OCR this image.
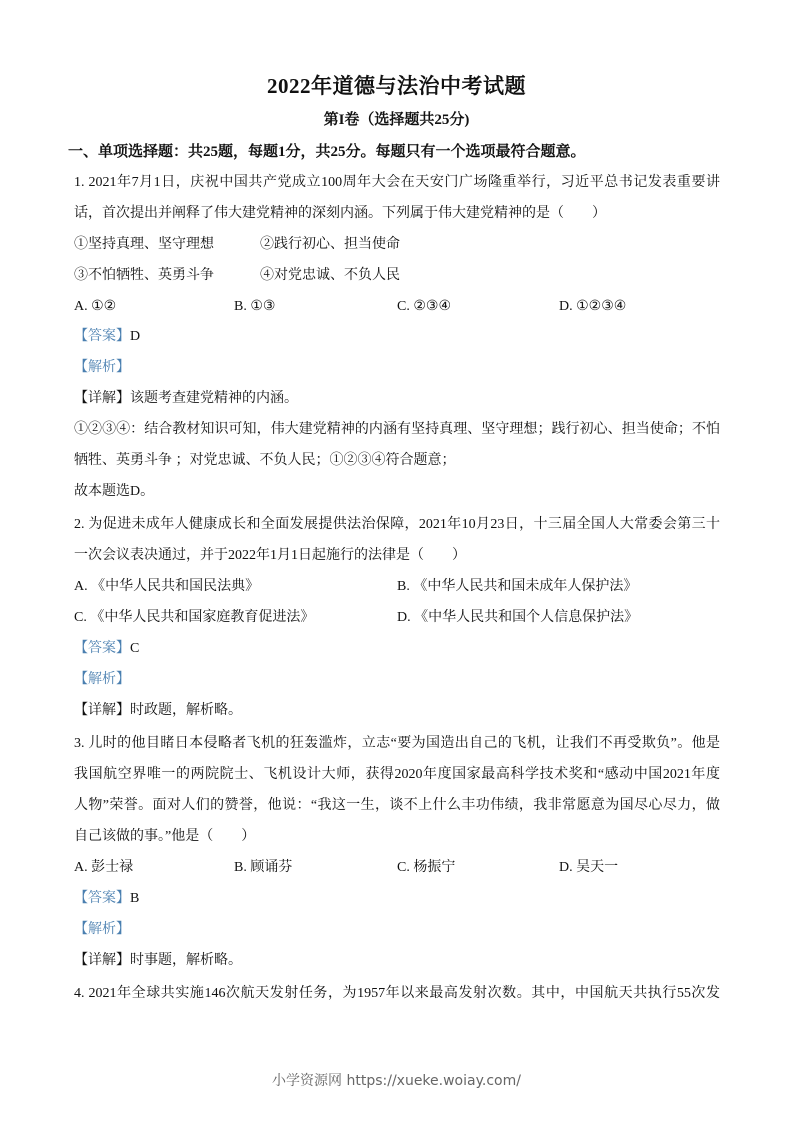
2022年道德与法治中考试题
第I卷（选择题共25分)
一、单项选择题：共25题，每题1分，共25分。每题只有一个选项最符合题意。
1. 2021年7月1日，庆祝中国共产党成立100周年大会在天安门广场隆重举行，习近平总书记发表重要讲
话，首次提出并阐释了伟大建党精神的深刻内涵。下列属于伟大建党精神的是（　　）
①坚持真理、坚守理想	②践行初心、担当使命
③不怕牺牲、英勇斗争	④对党忠诚、不负人民
A. ①②	B. ①③	C. ②③④	D. ①②③④
【答案】D
【解析】
【详解】该题考查建党精神的内涵。
①②③④：结合教材知识可知，伟大建党精神的内涵有坚持真理、坚守理想；践行初心、担当使命；不怕
牺牲、英勇斗争 ；对党忠诚、不负人民；①②③④符合题意；
故本题选D。
2. 为促进未成年人健康成长和全面发展提供法治保障，2021年10月23日，十三届全国人大常委会第三十
一次会议表决通过，并于2022年1月1日起施行的法律是（　　）
A. 《中华人民共和国民法典》	B. 《中华人民共和国未成年人保护法》
C. 《中华人民共和国家庭教育促进法》	D. 《中华人民共和国个人信息保护法》
【答案】C
【解析】
【详解】时政题，解析略。
3. 儿时的他目睹日本侵略者飞机的狂轰滥炸，立志“要为国造出自己的飞机，让我们不再受欺负”。他是
我国航空界唯一的两院院士、飞机设计大师，获得2020年度国家最高科学技术奖和“感动中国2021年度
人物”荣誉。面对人们的赞誉，他说：“我这一生，谈不上什么丰功伟绩，我非常愿意为国尽心尽力，做
自己该做的事。”他是（　　）
A. 彭士禄	B. 顾诵芬	C. 杨振宁	D. 吴天一
【答案】B
【解析】
【详解】时事题，解析略。
4. 2021年全球共实施146次航天发射任务，为1957年以来最高发射次数。其中，中国航天共执行55次发
小学资源网 https://xueke.woiay.com/
